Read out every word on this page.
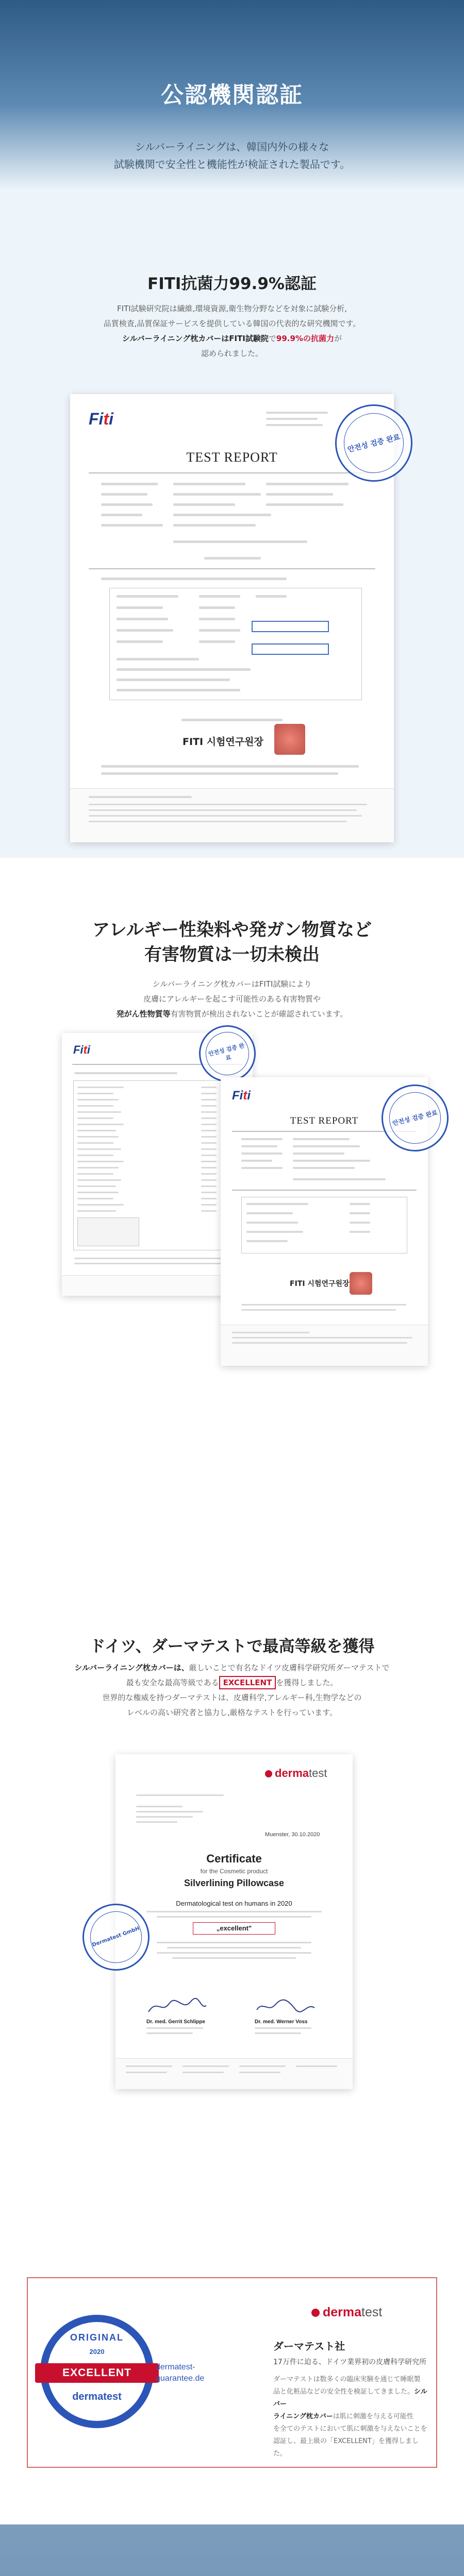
公認機関認証
シルバーライニングは、韓国内外の様々な
試験機関で安全性と機能性が検証された製品です。
FITI抗菌力99.9%認証
FITI試験研究院は繊維,環境資源,衛生物分野などを対象に試験分析,
品質検査,品質保証サービスを提供している韓国の代表的な研究機関です。
シルバーライニング枕カバーはFITI試験院で99.9%の抗菌力が
認められました。
Fiti
TEST REPORT
FITI 시험연구원장
안전성 검증 완료
アレルギー性染料や発ガン物質など
有害物質は一切未検出
シルバーライニング枕カバーはFITI試験により
皮膚にアレルギーを起こす可能性のある有害物質や
発がん性物質等有害物質が検出されないことが確認されています。
Fiti	안전성 검증 완료
Fiti
TEST REPORT
FITI 시험연구원장
안전성 검증 완료
ドイツ、ダーマテストで最高等級を獲得
シルバーライニング枕カバーは、厳しいことで有名なドイツ皮膚科学研究所ダーマテストで
最も安全な最高等級である EXCELLENT を獲得しました。
世界的な権威を持つダーマテストは、皮膚科学,アレルギー科,生物学などの
レベルの高い研究者と協力し,厳格なテストを行っています。
dermatest
Muenster, 30.10.2020
Certificate
for the Cosmetic product
Silverlining Pillowcase
Dermatological test on humans in 2020
„excellent"
Dr. med. Gerrit Schlippe	Dr. med. Werner Voss
Dermatest GmbH
ORIGINAL
2020
EXCELLENT
dermatest
dermatest-guarantee.de
dermatest
ダーマテスト社
17万件に迫る、ドイツ業界初の皮膚科学研究所
ダーマテストは数多くの臨床実験を通じて睡眠製
品と化粧品などの安全性を検証してきました。シルバー
ライニング枕カバーは肌に刺激を与える可能性
を全てのテストにおいて肌に刺激を与えないことを
認証し、最上級の「EXCELLENT」を獲得しました。
